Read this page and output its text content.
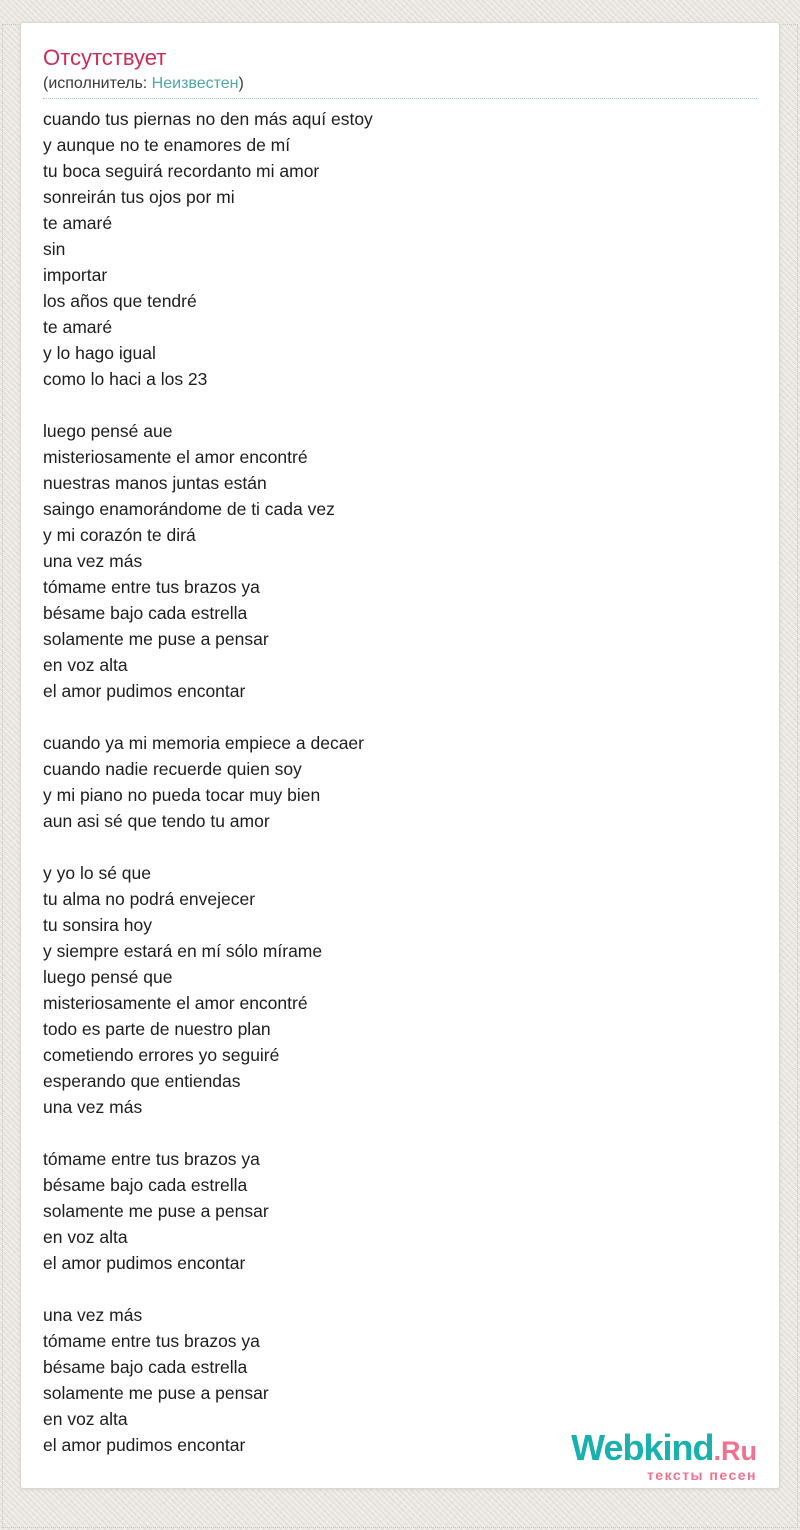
Отсутствует
(исполнитель: Неизвестен)

cuando tus piernas no den más aquí estoy
y aunque no te enamores de mí
tu boca seguirá recordanto mi amor
sonreirán tus ojos por mi
te amaré
sin
importar
los años que tendré
te amaré
y lo hago igual
como lo haci a los 23

luego pensé aue
misteriosamente el amor encontré
nuestras manos juntas están
saingo enamorándome de ti cada vez
y mi corazón te dirá
una vez más
tómame entre tus brazos ya
bésame bajo cada estrella
solamente me puse a pensar
en voz alta
el amor pudimos encontar

cuando ya mi memoria empiece a decaer
cuando nadie recuerde quien soy
y mi piano no pueda tocar muy bien
aun asi sé que tendo tu amor

y yo lo sé que
tu alma no podrá envejecer
tu sonsira hoy
y siempre estará en mí sólo mírame
luego pensé que
misteriosamente el amor encontré
todo es parte de nuestro plan
cometiendo errores yo seguiré
esperando que entiendas
una vez más

tómame entre tus brazos ya
bésame bajo cada estrella
solamente me puse a pensar
en voz alta
el amor pudimos encontar

una vez más
tómame entre tus brazos ya
bésame bajo cada estrella
solamente me puse a pensar
en voz alta
el amor pudimos encontar	Webkind.Ru
тексты песен
